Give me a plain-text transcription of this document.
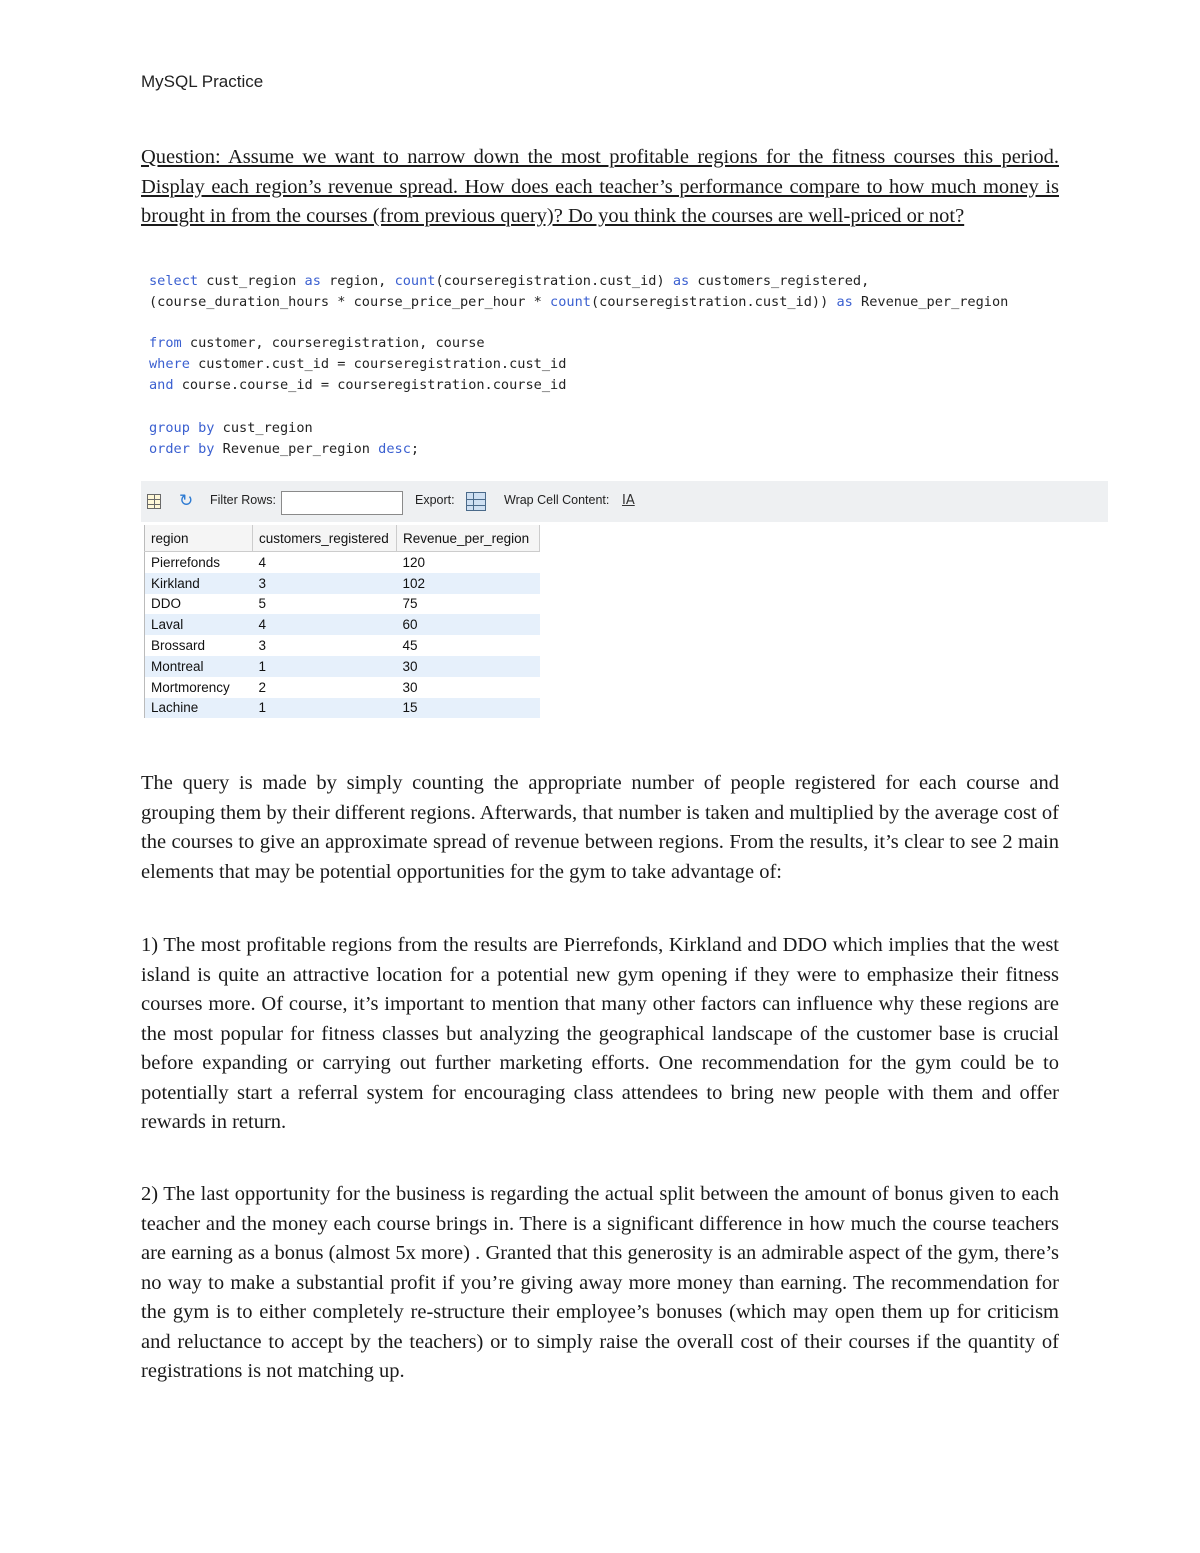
MySQL Practice
Question: Assume we want to narrow down the most profitable regions for the fitness courses this period. Display each region’s revenue spread. How does each teacher’s performance compare to how much money is brought in from the courses (from previous query)? Do you think the courses are well-priced or not?
select cust_region as region, count(courseregistration.cust_id) as customers_registered,
(course_duration_hours * course_price_per_hour * count(courseregistration.cust_id)) as Revenue_per_region
from customer, courseregistration, course
where customer.cust_id = courseregistration.cust_id
and course.course_id = courseregistration.course_id
group by cust_region
order by Revenue_per_region desc;
↻ Filter Rows:	Export:	Wrap Cell Content: IA
region	customers_registered	Revenue_per_region
Pierrefonds	4	120
Kirkland	3	102
DDO	5	75
Laval	4	60
Brossard	3	45
Montreal	1	30
Mortmorency	2	30
Lachine	1	15

The query is made by simply counting the appropriate number of people registered for each course and grouping them by their different regions. Afterwards, that number is taken and multiplied by the average cost of the courses to give an approximate spread of revenue between regions. From the results, it’s clear to see 2 main elements that may be potential opportunities for the gym to take advantage of:

1) The most profitable regions from the results are Pierrefonds, Kirkland and DDO which implies that the west island is quite an attractive location for a potential new gym opening if they were to emphasize their fitness courses more. Of course, it’s important to mention that many other factors can influence why these regions are the most popular for fitness classes but analyzing the geographical landscape of the customer base is crucial before expanding or carrying out further marketing efforts. One recommendation for the gym could be to potentially start a referral system for encouraging class attendees to bring new people with them and offer rewards in return.

2) The last opportunity for the business is regarding the actual split between the amount of bonus given to each teacher and the money each course brings in. There is a significant difference in how much the course teachers are earning as a bonus (almost 5x more) . Granted that this generosity is an admirable aspect of the gym, there’s no way to make a substantial profit if you’re giving away more money than earning. The recommendation for the gym is to either completely re-structure their employee’s bonuses (which may open them up for criticism and reluctance to accept by the teachers) or to simply raise the overall cost of their courses if the quantity of registrations is not matching up.
